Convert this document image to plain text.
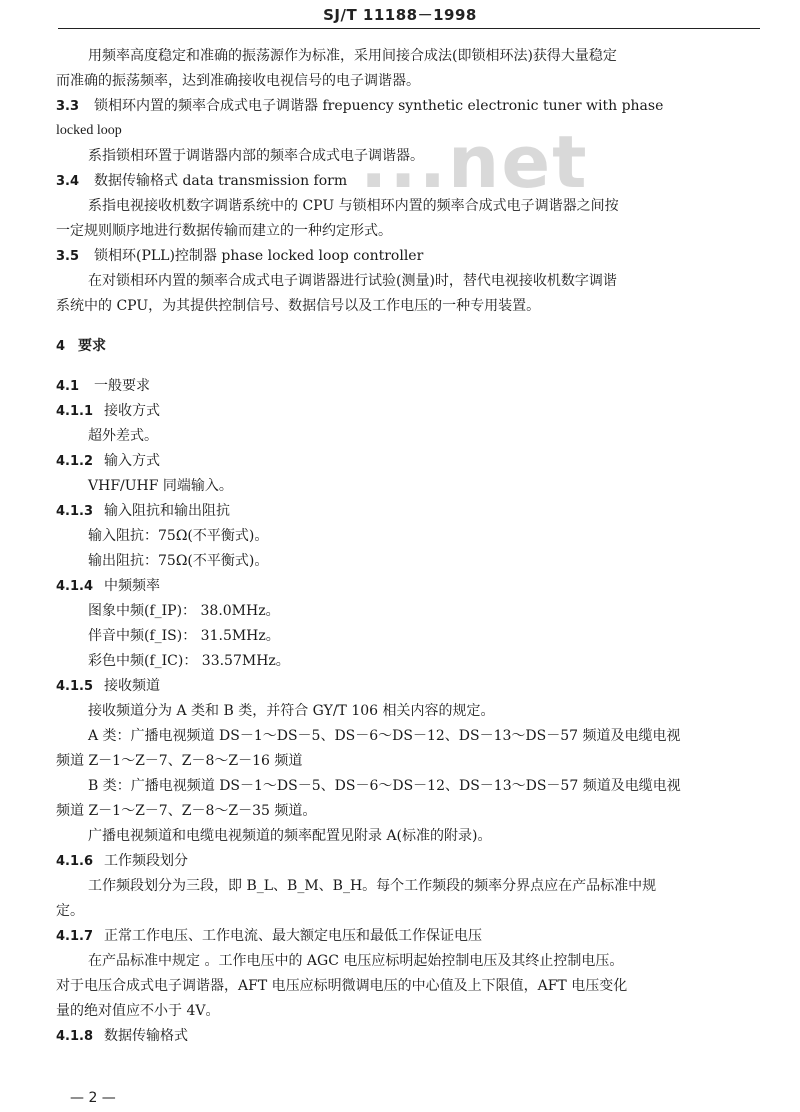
SJ/T 11188－1998
...net
用频率高度稳定和准确的振荡源作为标准，采用间接合成法(即锁相环法)获得大量稳定
而准确的振荡频率，达到准确接收电视信号的电子调谐器。
3.3 锁相环内置的频率合成式电子调谐器 frepuency synthetic electronic tuner with phase
locked loop
系指锁相环置于调谐器内部的频率合成式电子调谐器。
3.4 数据传输格式 data transmission form
系指电视接收机数字调谐系统中的 CPU 与锁相环内置的频率合成式电子调谐器之间按
一定规则顺序地进行数据传输而建立的一种约定形式。
3.5 锁相环(PLL)控制器 phase locked loop controller
在对锁相环内置的频率合成式电子调谐器进行试验(测量)时，替代电视接收机数字调谐
系统中的 CPU，为其提供控制信号、数据信号以及工作电压的一种专用装置。
4 要求
4.1 一般要求
4.1.1 接收方式
超外差式。
4.1.2 输入方式
VHF/UHF 同端输入。
4.1.3 输入阻抗和输出阻抗
输入阻抗：75Ω(不平衡式)。
输出阻抗：75Ω(不平衡式)。
4.1.4 中频频率
图象中频(f_IP)： 38.0MHz。
伴音中频(f_IS)： 31.5MHz。
彩色中频(f_IC)： 33.57MHz。
4.1.5 接收频道
接收频道分为 A 类和 B 类，并符合 GY/T 106 相关内容的规定。
A 类：广播电视频道 DS－1～DS－5、DS－6～DS－12、DS－13～DS－57 频道及电缆电视
频道 Z－1～Z－7、Z－8～Z－16 频道
B 类：广播电视频道 DS－1～DS－5、DS－6～DS－12、DS－13～DS－57 频道及电缆电视
频道 Z－1～Z－7、Z－8～Z－35 频道。
广播电视频道和电缆电视频道的频率配置见附录 A(标准的附录)。
4.1.6 工作频段划分
工作频段划分为三段，即 B_L、B_M、B_H。每个工作频段的频率分界点应在产品标准中规
定。
4.1.7 正常工作电压、工作电流、最大额定电压和最低工作保证电压
在产品标准中规定 。工作电压中的 AGC 电压应标明起始控制电压及其终止控制电压。
对于电压合成式电子调谐器，AFT 电压应标明微调电压的中心值及上下限值，AFT 电压变化
量的绝对值应不小于 4V。
4.1.8 数据传输格式
— 2 —
